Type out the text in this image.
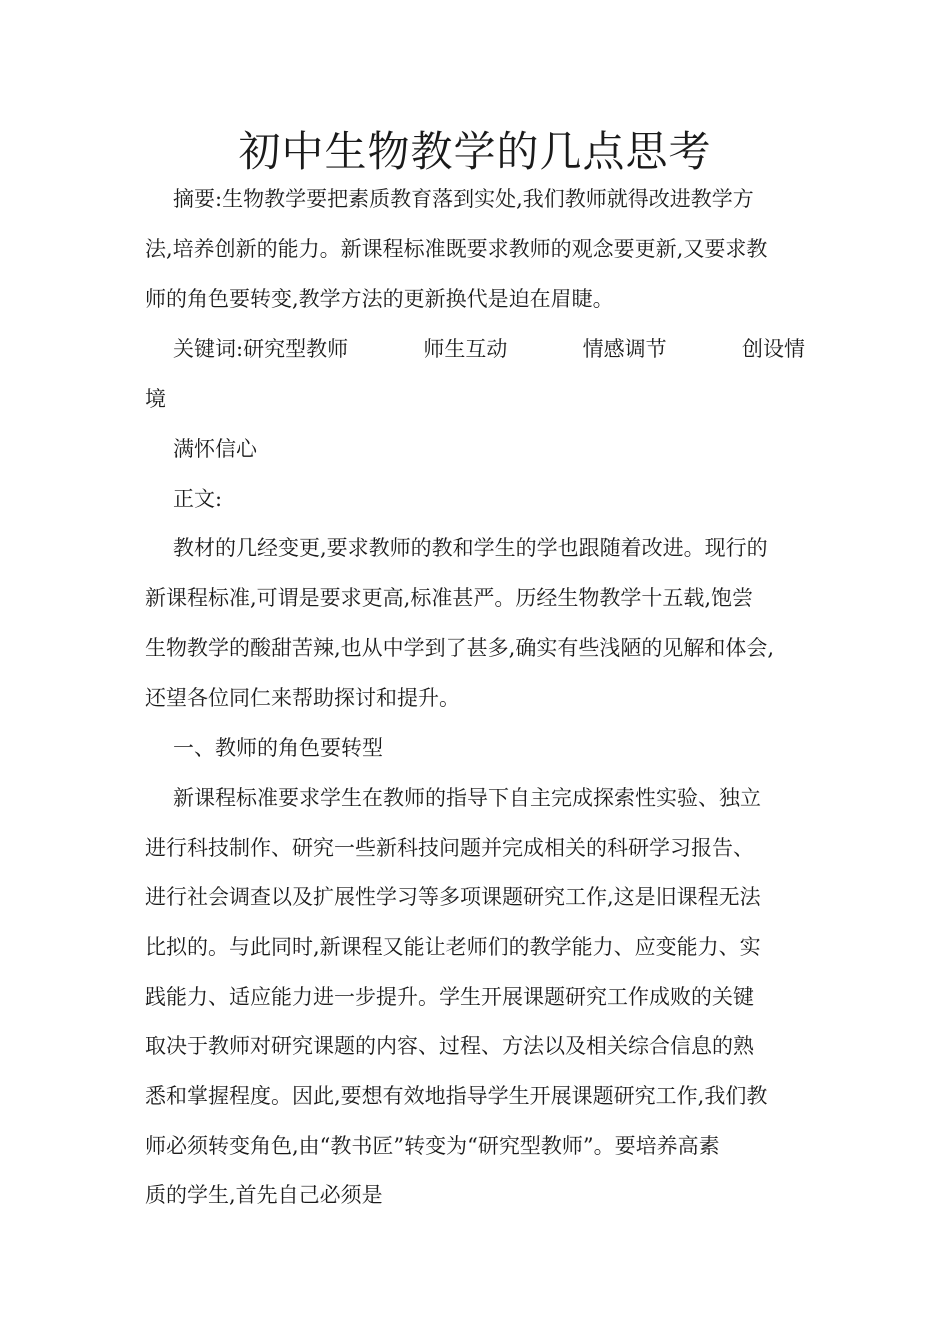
初中生物教学的几点思考
摘要:生物教学要把素质教育落到实处,我们教师就得改进教学方
法,培养创新的能力。新课程标准既要求教师的观念要更新,又要求教
师的角色要转变,教学方法的更新换代是迫在眉睫。
关键词:研究型教师	师生互动	情感调节	创设情
境
满怀信心
正文:
教材的几经变更,要求教师的教和学生的学也跟随着改进。现行的
新课程标准,可谓是要求更高,标准甚严。历经生物教学十五载,饱尝
生物教学的酸甜苦辣,也从中学到了甚多,确实有些浅陋的见解和体会,
还望各位同仁来帮助探讨和提升。
一、教师的角色要转型
新课程标准要求学生在教师的指导下自主完成探索性实验、独立
进行科技制作、研究一些新科技问题并完成相关的科研学习报告、
进行社会调查以及扩展性学习等多项课题研究工作,这是旧课程无法
比拟的。与此同时,新课程又能让老师们的教学能力、应变能力、实
践能力、适应能力进一步提升。学生开展课题研究工作成败的关键
取决于教师对研究课题的内容、过程、方法以及相关综合信息的熟
悉和掌握程度。因此,要想有效地指导学生开展课题研究工作,我们教
师必须转变角色,由“教书匠”转变为“研究型教师”。要培养高素
质的学生,首先自己必须是
